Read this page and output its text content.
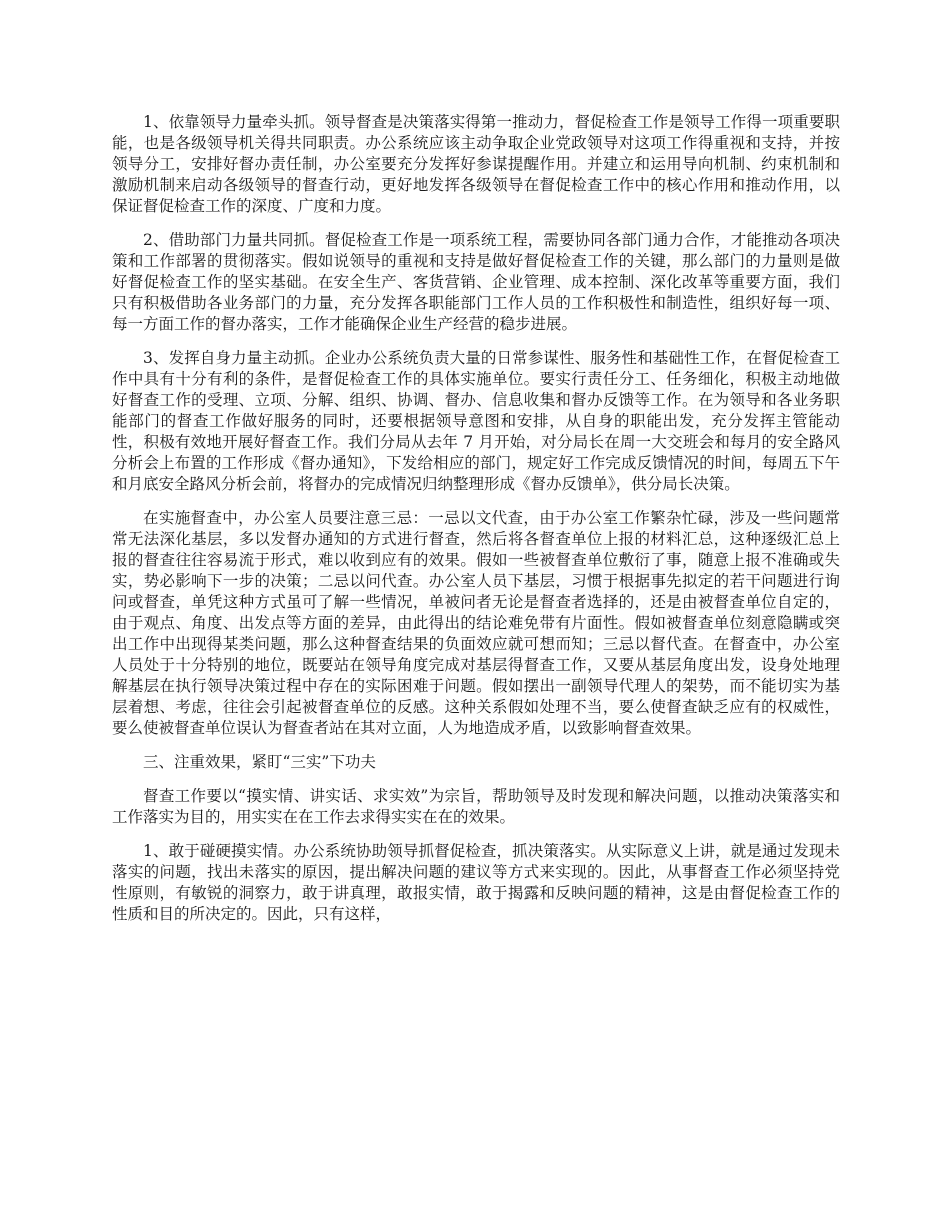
1、依靠领导力量牵头抓。领导督查是决策落实得第一推动力，督促检查工作是领导工作得一项重要职能，也是各级领导机关得共同职责。办公系统应该主动争取企业党政领导对这项工作得重视和支持，并按领导分工，安排好督办责任制，办公室要充分发挥好参谋提醒作用。并建立和运用导向机制、约束机制和激励机制来启动各级领导的督查行动，更好地发挥各级领导在督促检查工作中的核心作用和推动作用，以保证督促检查工作的深度、广度和力度。

2、借助部门力量共同抓。督促检查工作是一项系统工程，需要协同各部门通力合作，才能推动各项决策和工作部署的贯彻落实。假如说领导的重视和支持是做好督促检查工作的关键，那么部门的力量则是做好督促检查工作的坚实基础。在安全生产、客货营销、企业管理、成本控制、深化改革等重要方面，我们只有积极借助各业务部门的力量，充分发挥各职能部门工作人员的工作积极性和制造性，组织好每一项、每一方面工作的督办落实，工作才能确保企业生产经营的稳步进展。

3、发挥自身力量主动抓。企业办公系统负责大量的日常参谋性、服务性和基础性工作，在督促检查工作中具有十分有利的条件，是督促检查工作的具体实施单位。要实行责任分工、任务细化，积极主动地做好督查工作的受理、立项、分解、组织、协调、督办、信息收集和督办反馈等工作。在为领导和各业务职能部门的督查工作做好服务的同时，还要根据领导意图和安排，从自身的职能出发，充分发挥主管能动性，积极有效地开展好督查工作。我们分局从去年 7 月开始，对分局长在周一大交班会和每月的安全路风分析会上布置的工作形成《督办通知》，下发给相应的部门，规定好工作完成反馈情况的时间，每周五下午和月底安全路风分析会前，将督办的完成情况归纳整理形成《督办反馈单》，供分局长决策。

在实施督查中，办公室人员要注意三忌：一忌以文代查，由于办公室工作繁杂忙碌，涉及一些问题常常无法深化基层，多以发督办通知的方式进行督查，然后将各督查单位上报的材料汇总，这种逐级汇总上报的督查往往容易流于形式，难以收到应有的效果。假如一些被督查单位敷衍了事，随意上报不准确或失实，势必影响下一步的决策；二忌以问代查。办公室人员下基层，习惯于根据事先拟定的若干问题进行询问或督查，单凭这种方式虽可了解一些情况，单被问者无论是督查者选择的，还是由被督查单位自定的，由于观点、角度、出发点等方面的差异，由此得出的结论难免带有片面性。假如被督查单位刻意隐瞒或突出工作中出现得某类问题，那么这种督查结果的负面效应就可想而知；三忌以督代查。在督查中，办公室人员处于十分特别的地位，既要站在领导角度完成对基层得督查工作，又要从基层角度出发，设身处地理解基层在执行领导决策过程中存在的实际困难于问题。假如摆出一副领导代理人的架势，而不能切实为基层着想、考虑，往往会引起被督查单位的反感。这种关系假如处理不当，要么使督查缺乏应有的权威性，要么使被督查单位误认为督查者站在其对立面，人为地造成矛盾，以致影响督查效果。

三、注重效果，紧盯“三实”下功夫

督查工作要以“摸实情、讲实话、求实效”为宗旨，帮助领导及时发现和解决问题，以推动决策落实和工作落实为目的，用实实在在工作去求得实实在在的效果。

1、敢于碰硬摸实情。办公系统协助领导抓督促检查，抓决策落实。从实际意义上讲，就是通过发现未落实的问题，找出未落实的原因，提出解决问题的建议等方式来实现的。因此，从事督查工作必须坚持党性原则，有敏锐的洞察力，敢于讲真理，敢报实情，敢于揭露和反映问题的精神，这是由督促检查工作的性质和目的所决定的。因此，只有这样，
